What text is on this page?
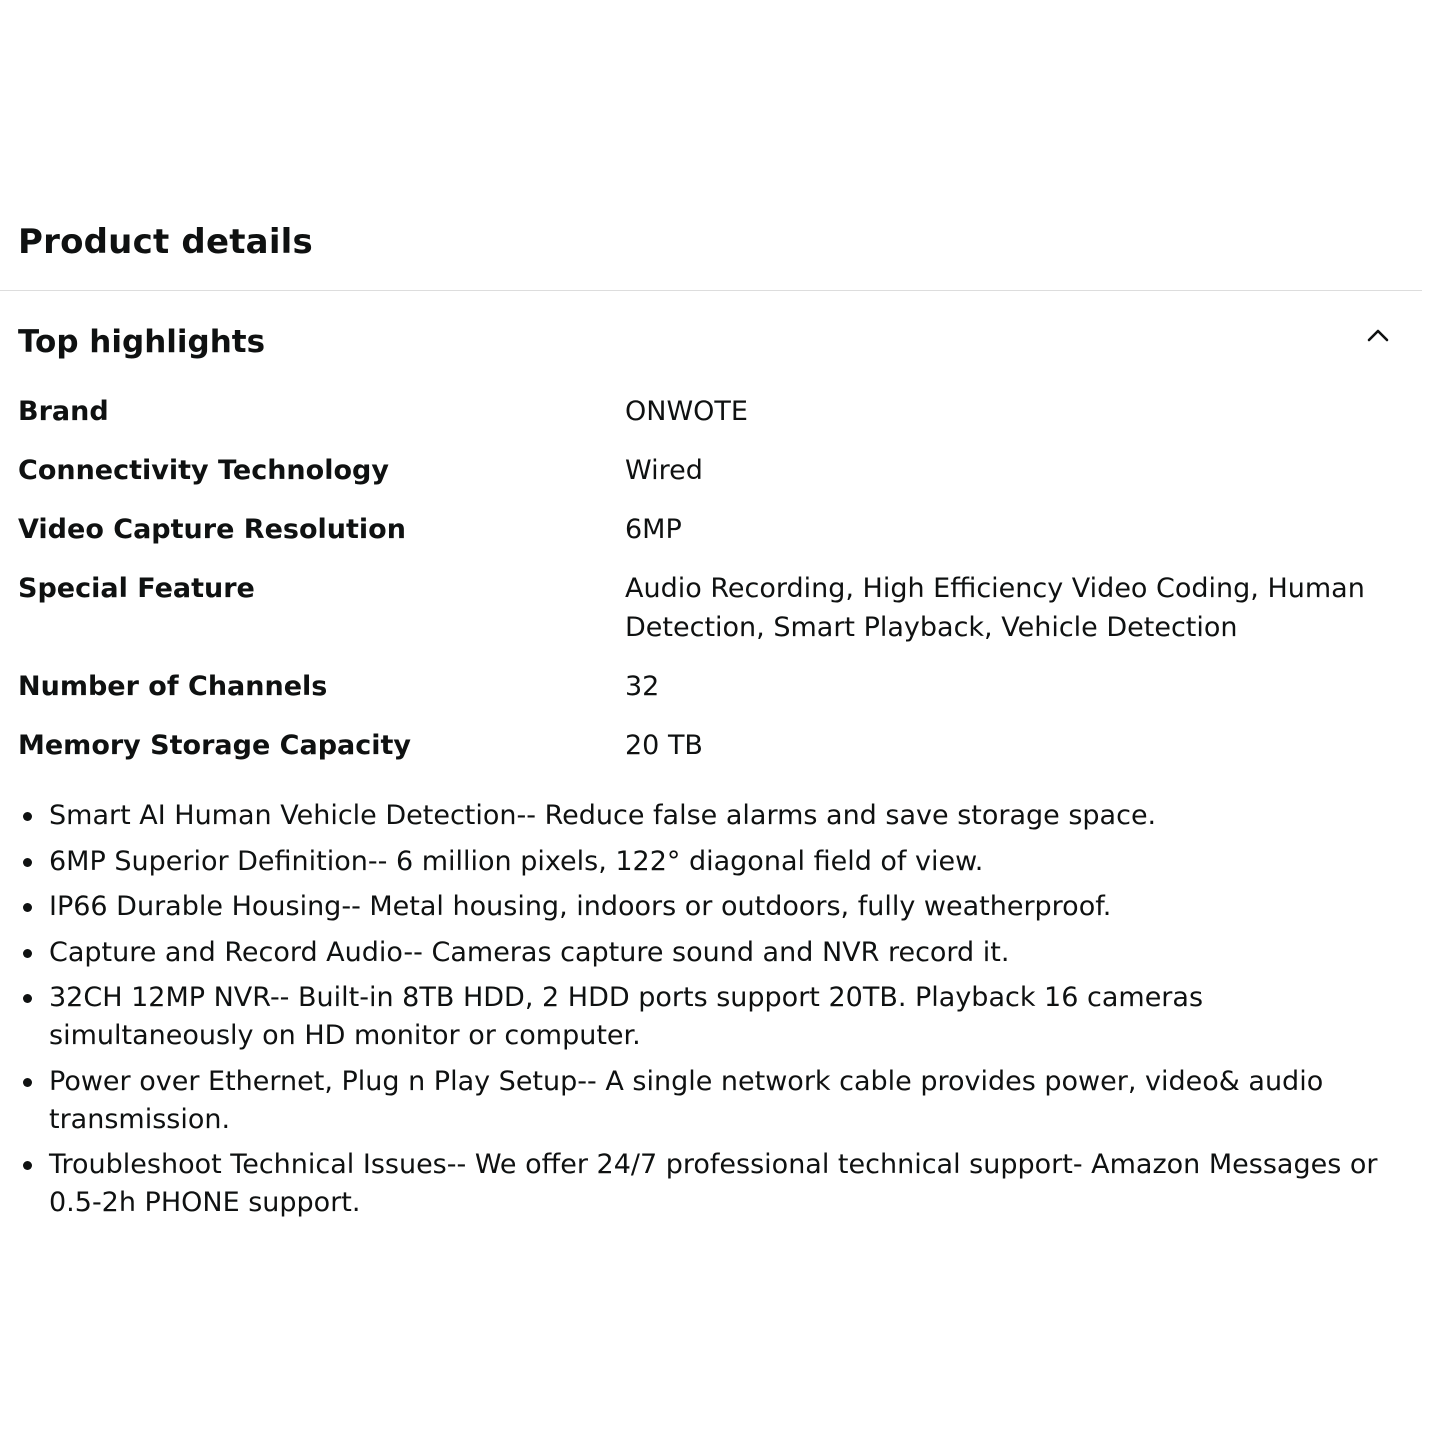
Product details
Top highlights
Brand	ONWOTE
Connectivity Technology	Wired
Video Capture Resolution	6MP
Special Feature	Audio Recording, High Efficiency Video Coding, Human Detection, Smart Playback, Vehicle Detection
Number of Channels	32
Memory Storage Capacity	20 TB
Smart AI Human Vehicle Detection-- Reduce false alarms and save storage space.
6MP Superior Definition-- 6 million pixels, 122° diagonal field of view.
IP66 Durable Housing-- Metal housing, indoors or outdoors, fully weatherproof.
Capture and Record Audio-- Cameras capture sound and NVR record it.
32CH 12MP NVR-- Built-in 8TB HDD, 2 HDD ports support 20TB. Playback 16 cameras simultaneously on HD monitor or computer.
Power over Ethernet, Plug n Play Setup-- A single network cable provides power, video& audio transmission.
Troubleshoot Technical Issues-- We offer 24/7 professional technical support- Amazon Messages or 0.5-2h PHONE support.
